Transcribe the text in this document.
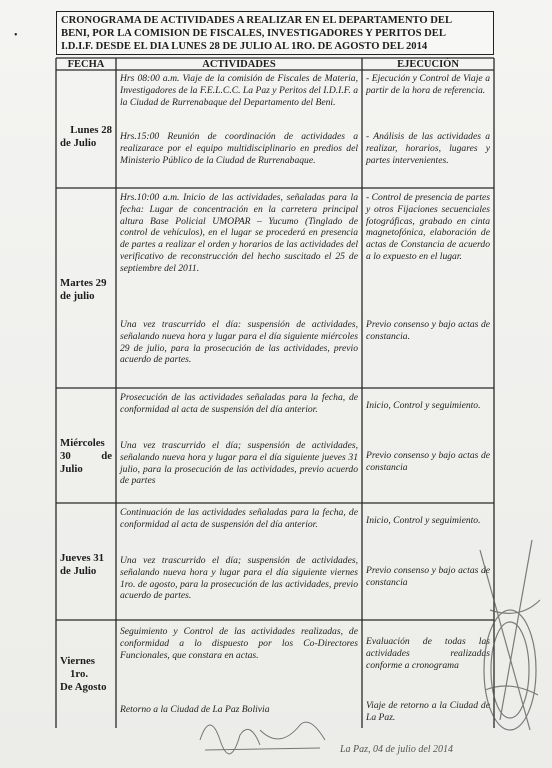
•
CRONOGRAMA DE ACTIVIDADES A REALIZAR EN EL DEPARTAMENTO DEL
BENI, POR LA COMISION DE FISCALES, INVESTIGADORES Y PERITOS DEL
I.D.I.F. DESDE EL DIA LUNES 28 DE JULIO AL 1RO. DE AGOSTO DEL 2014
FECHA	ACTIVIDADES	EJECUCIÓN
Lunes 28
de Julio
Hrs 08:00 a.m. Viaje de la comisión de Fiscales de Materia, Investigadores de la F.E.L.C.C. La Paz y Peritos del I.D.I.F. a la Ciudad de Rurrenabaque del Departamento del Beni.
Hrs.15:00 Reunión de coordinación de actividades a realizarace por el equipo multidisciplinario en predios del Ministerio Público de la Ciudad de Rurrenabaque.
- Ejecución y Control de Viaje a partir de la hora de referencia.
- Análisis de las actividades a realizar, horarios, lugares y partes intervenientes.
Martes 29
de julio
Hrs.10:00 a.m. Inicio de las actividades, señaladas para la fecha: Lugar de concentración en la carretera principal altura Base Policial UMOPAR – Yucumo (Tinglado de control de vehículos), en el lugar se procederá en presencia de partes a realizar el orden y horarios de las actividades del verificativo de reconstrucción del hecho suscitado el 25 de septiembre del 2011.
Una vez trascurrido el día: suspensión de actividades, señalando nueva hora y lugar para el día siguiente miércoles 29 de julio, para la prosecución de las actividades, previo acuerdo de partes.
- Control de presencia de partes y otros Fijaciones secuenciales fotográficas, grabado en cinta magnetofónica, elaboración de actas de Constancia de acuerdo a lo expuesto en el lugar.
Previo consenso y bajo actas de constancia.
Miércoles
30 de
Julio
Prosecución de las actividades señaladas para la fecha, de conformidad al acta de suspensión del día anterior.
Una vez trascurrido el día; suspensión de actividades, señalando nueva hora y lugar para el día siguiente jueves 31 julio, para la prosecución de las actividades, previo acuerdo de partes
Inicio, Control y seguimiento.
Previo consenso y bajo actas de constancia
Jueves 31
de Julio
Continuación de las actividades señaladas para la fecha, de conformidad al acta de suspensión del día anterior.
Una vez trascurrido el día; suspensión de actividades, señalando nueva hora y lugar para el día siguiente viernes 1ro. de agosto, para la prosecución de las actividades, previo acuerdo de partes.
Inicio, Control y seguimiento.
Previo consenso y bajo actas de constancia
Viernes
1ro.
De Agosto
Seguimiento y Control de las actividades realizadas, de conformidad a lo dispuesto por los Co-Directores Funcionales, que constara en actas.
Retorno a la Ciudad de La Paz Bolivia
Evaluación de todas las actividades realizadas conforme a cronograma
Viaje de retorno a la Ciudad de La Paz.
La Paz, 04 de julio del 2014
